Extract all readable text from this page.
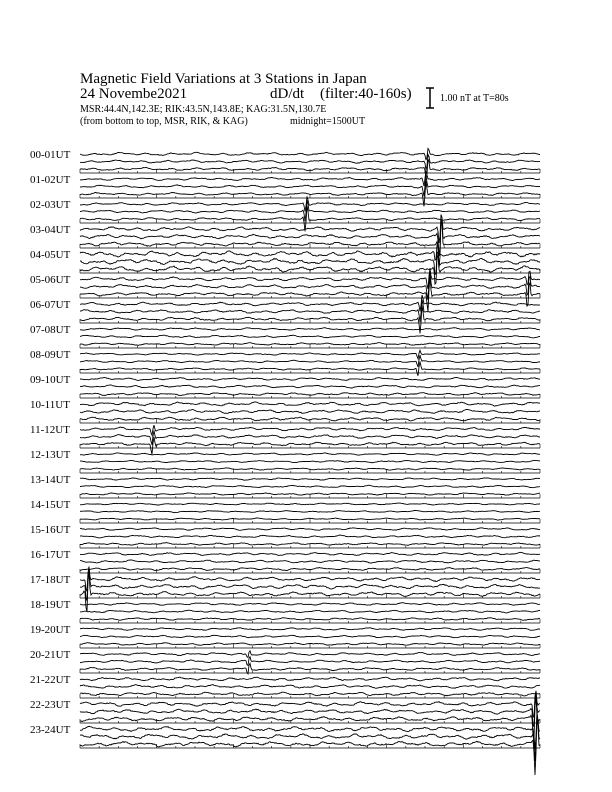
Magnetic Field Variations at 3 Stations in Japan
24 Novembe2021	dD/dt (filter:40-160s)
MSR:44.4N,142.3E; RIK:43.5N,143.8E; KAG:31.5N,130.7E
(from bottom to top, MSR, RIK, & KAG)	midnight=1500UT
1.00 nT at T=80s
00-01UT
01-02UT
02-03UT
03-04UT
04-05UT
05-06UT
06-07UT
07-08UT
08-09UT
09-10UT
10-11UT
11-12UT
12-13UT
13-14UT
14-15UT
15-16UT
16-17UT
17-18UT
18-19UT
19-20UT
20-21UT
21-22UT
22-23UT
23-24UT
